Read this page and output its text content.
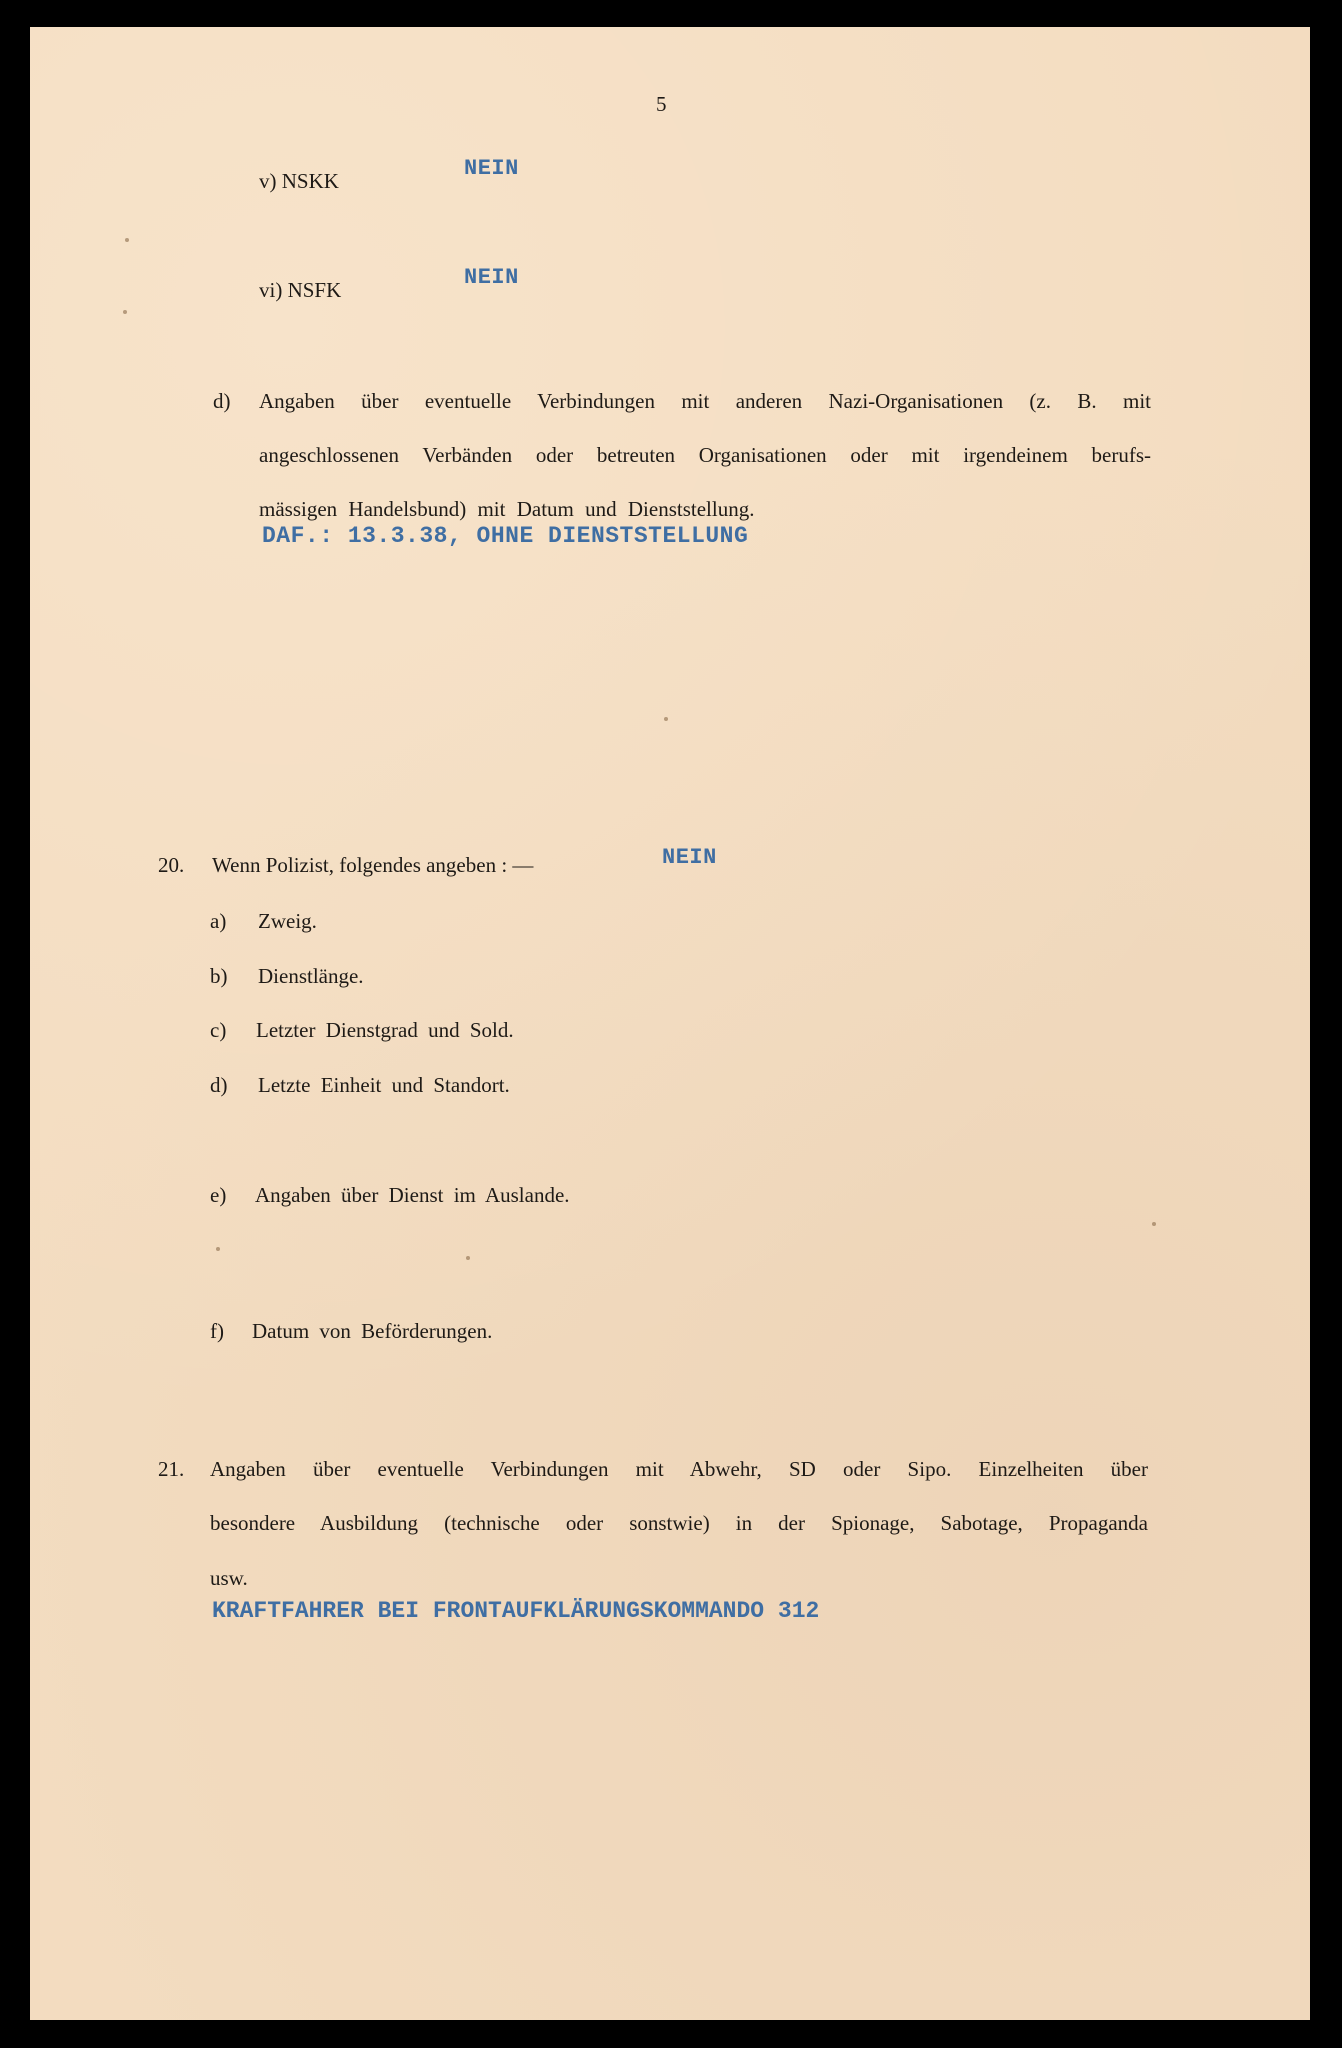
5
v) NSKK	NEIN
vi) NSFK	NEIN
d) Angaben über eventuelle Verbindungen mit anderen Nazi-Organisationen (z. B. mit
angeschlossenen Verbänden oder betreuten Organisationen oder mit irgendeinem berufs-
mässigen Handelsbund) mit Datum und Dienststellung.
DAF.: 13.3.38, OHNE DIENSTSTELLUNG
20. Wenn Polizist, folgendes angeben : —	NEIN
a) Zweig.
b) Dienstlänge.
c) Letzter Dienstgrad und Sold.
d) Letzte Einheit und Standort.
e) Angaben über Dienst im Auslande.
f) Datum von Beförderungen.
21. Angaben über eventuelle Verbindungen mit Abwehr, SD oder Sipo. Einzelheiten über
besondere Ausbildung (technische oder sonstwie) in der Spionage, Sabotage, Propaganda
usw.
KRAFTFAHRER BEI FRONTAUFKLÄRUNGSKOMMANDO 312
